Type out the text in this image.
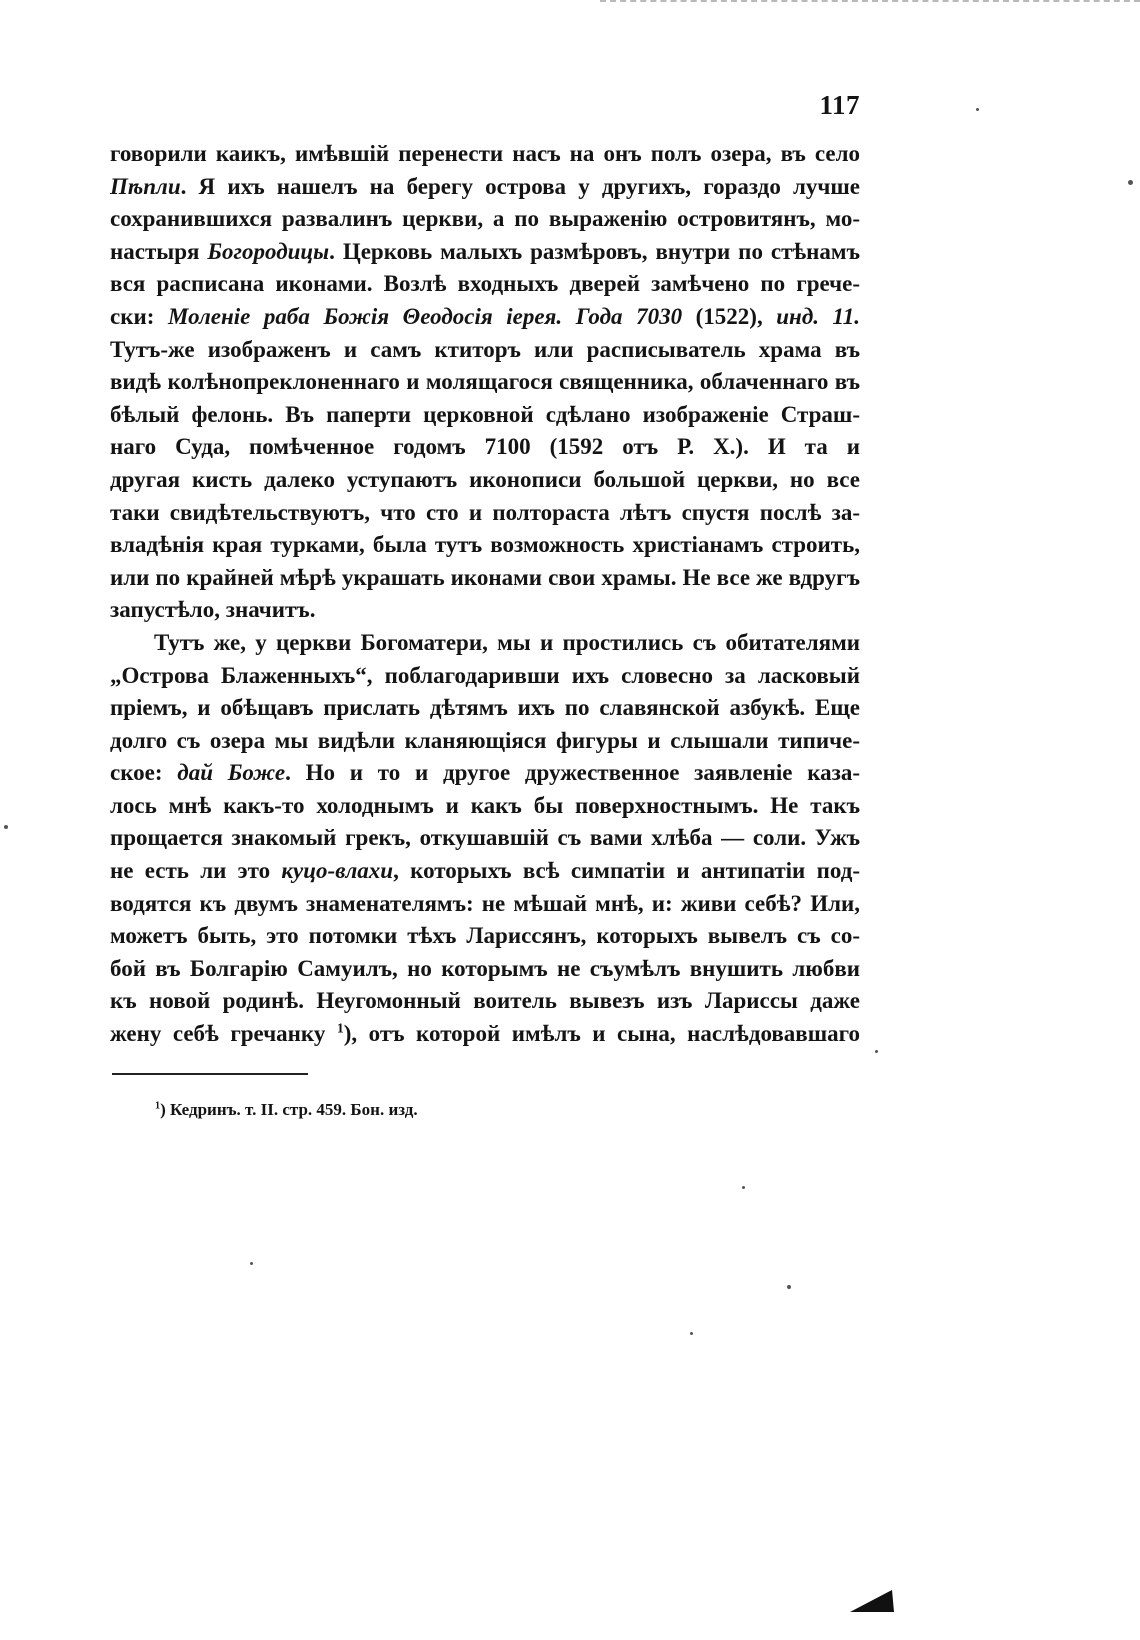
117
говорили каикъ, имѣвшій перенести насъ на онъ полъ озера, въ село
Пѣпли. Я ихъ нашелъ на берегу острова у другихъ, гораздо лучше
сохранившихся развалинъ церкви, а по выраженію островитянъ, мо-
настыря Богородицы. Церковь малыхъ размѣровъ, внутри по стѣнамъ
вся расписана иконами. Возлѣ входныхъ дверей замѣчено по грече-
ски: Моленіе раба Божія Θеодосія іерея. Года 7030 (1522), инд. 11.
Тутъ-же изображенъ и самъ ктиторъ или расписыватель храма въ
видѣ колѣнопреклоненнаго и молящагося священника, облаченнаго въ
бѣлый фелонь. Въ паперти церковной сдѣлано изображеніе Страш-
наго Суда, помѣченное годомъ 7100 (1592 отъ Р. Х.). И та и
другая кисть далеко уступаютъ иконописи большой церкви, но все
таки свидѣтельствуютъ, что сто и полтораста лѣтъ спустя послѣ за-
владѣнія края турками, была тутъ возможность христіанамъ строить,
или по крайней мѣрѣ украшать иконами свои храмы. Не все же вдругъ
запустѣло, значитъ.
Тутъ же, у церкви Богоматери, мы и простились съ обитателями
„Острова Блаженныхъ“, поблагодаривши ихъ словесно за ласковый
пріемъ, и обѣщавъ прислать дѣтямъ ихъ по славянской азбукѣ. Еще
долго съ озера мы видѣли кланяющіяся фигуры и слышали типиче-
ское: дай Боже. Но и то и другое дружественное заявленіе каза-
лось мнѣ какъ-то холоднымъ и какъ бы поверхностнымъ. Не такъ
прощается знакомый грекъ, откушавшій съ вами хлѣба — соли. Ужъ
не есть ли это куцо-влахи, которыхъ всѣ симпатіи и антипатіи под-
водятся къ двумъ знаменателямъ: не мѣшай мнѣ, и: живи себѣ? Или,
можетъ быть, это потомки тѣхъ Ларисcянъ, которыхъ вывелъ съ со-
бой въ Болгарію Самуилъ, но которымъ не съумѣлъ внушить любви
къ новой родинѣ. Неугомонный воитель вывезъ изъ Ларисcы даже
жену себѣ гречанку $^1$), отъ которой имѣлъ и сына, наслѣдовавшаго
$^1$) Кедринъ. т. II. стр. 459. Бон. изд.
